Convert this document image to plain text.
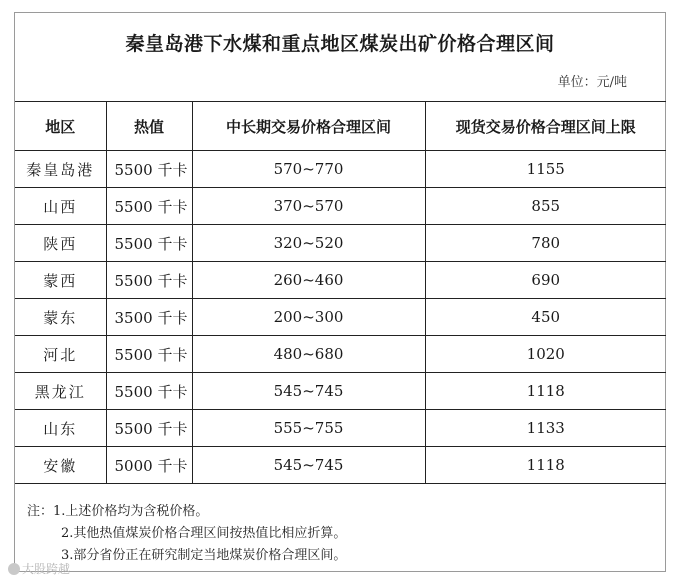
秦皇岛港下水煤和重点地区煤炭出矿价格合理区间
单位：元/吨
地区	热值	中长期交易价格合理区间	现货交易价格合理区间上限
秦皇岛港	5500 千卡	570~770	1155
山西	5500 千卡	370~570	855
陕西	5500 千卡	320~520	780
蒙西	5500 千卡	260~460	690
蒙东	3500 千卡	200~300	450
河北	5500 千卡	480~680	1020
黑龙江	5500 千卡	545~745	1118
山东	5500 千卡	555~755	1133
安徽	5000 千卡	545~745	1118
注：1.上述价格均为含税价格。
2.其他热值煤炭价格合理区间按热值比相应折算。
3.部分省份正在研究制定当地煤炭价格合理区间。
大股跨越
